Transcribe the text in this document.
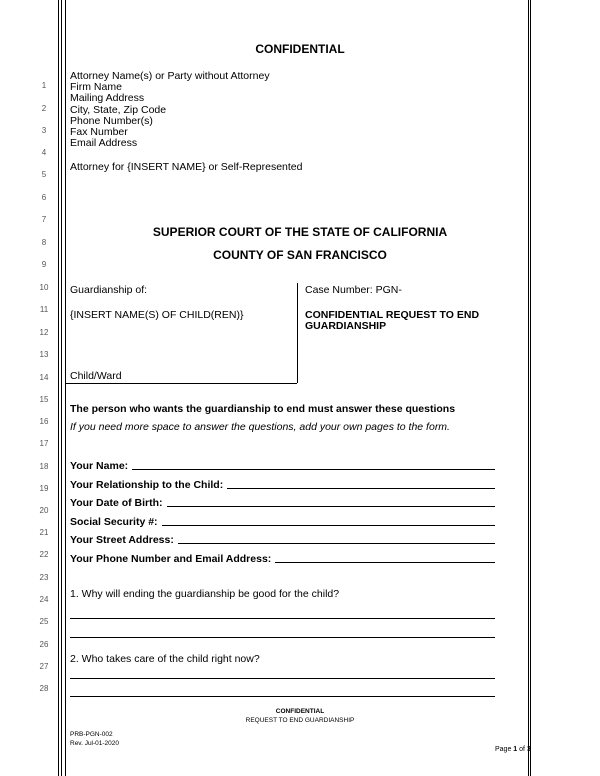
CONFIDENTIAL
1
2
3
4
5
6
7
8
9
10
11
12
13
14
15
16
17
18
19
20
21
22
23
24
25
26
27
28
Attorney Name(s) or Party without Attorney
Firm Name
Mailing Address
City, State, Zip Code
Phone Number(s)
Fax Number
Email Address
Attorney for {INSERT NAME} or Self-Represented
SUPERIOR COURT OF THE STATE OF CALIFORNIA
COUNTY OF SAN FRANCISCO
Guardianship of:
{INSERT NAME(S) OF CHILD(REN)}
Child/Ward
Case Number: PGN-
CONFIDENTIAL REQUEST TO END GUARDIANSHIP
The person who wants the guardianship to end must answer these questions
If you need more space to answer the questions, add your own pages to the form.
Your Name:
Your Relationship to the Child:
Your Date of Birth:
Social Security #:
Your Street Address:
Your Phone Number and Email Address:
1. Why will ending the guardianship be good for the child?
2. Who takes care of the child right now?
CONFIDENTIAL
REQUEST TO END GUARDIANSHIP
PRB-PGN-002
Rev. Jul-01-2020
Page 1 of 3
